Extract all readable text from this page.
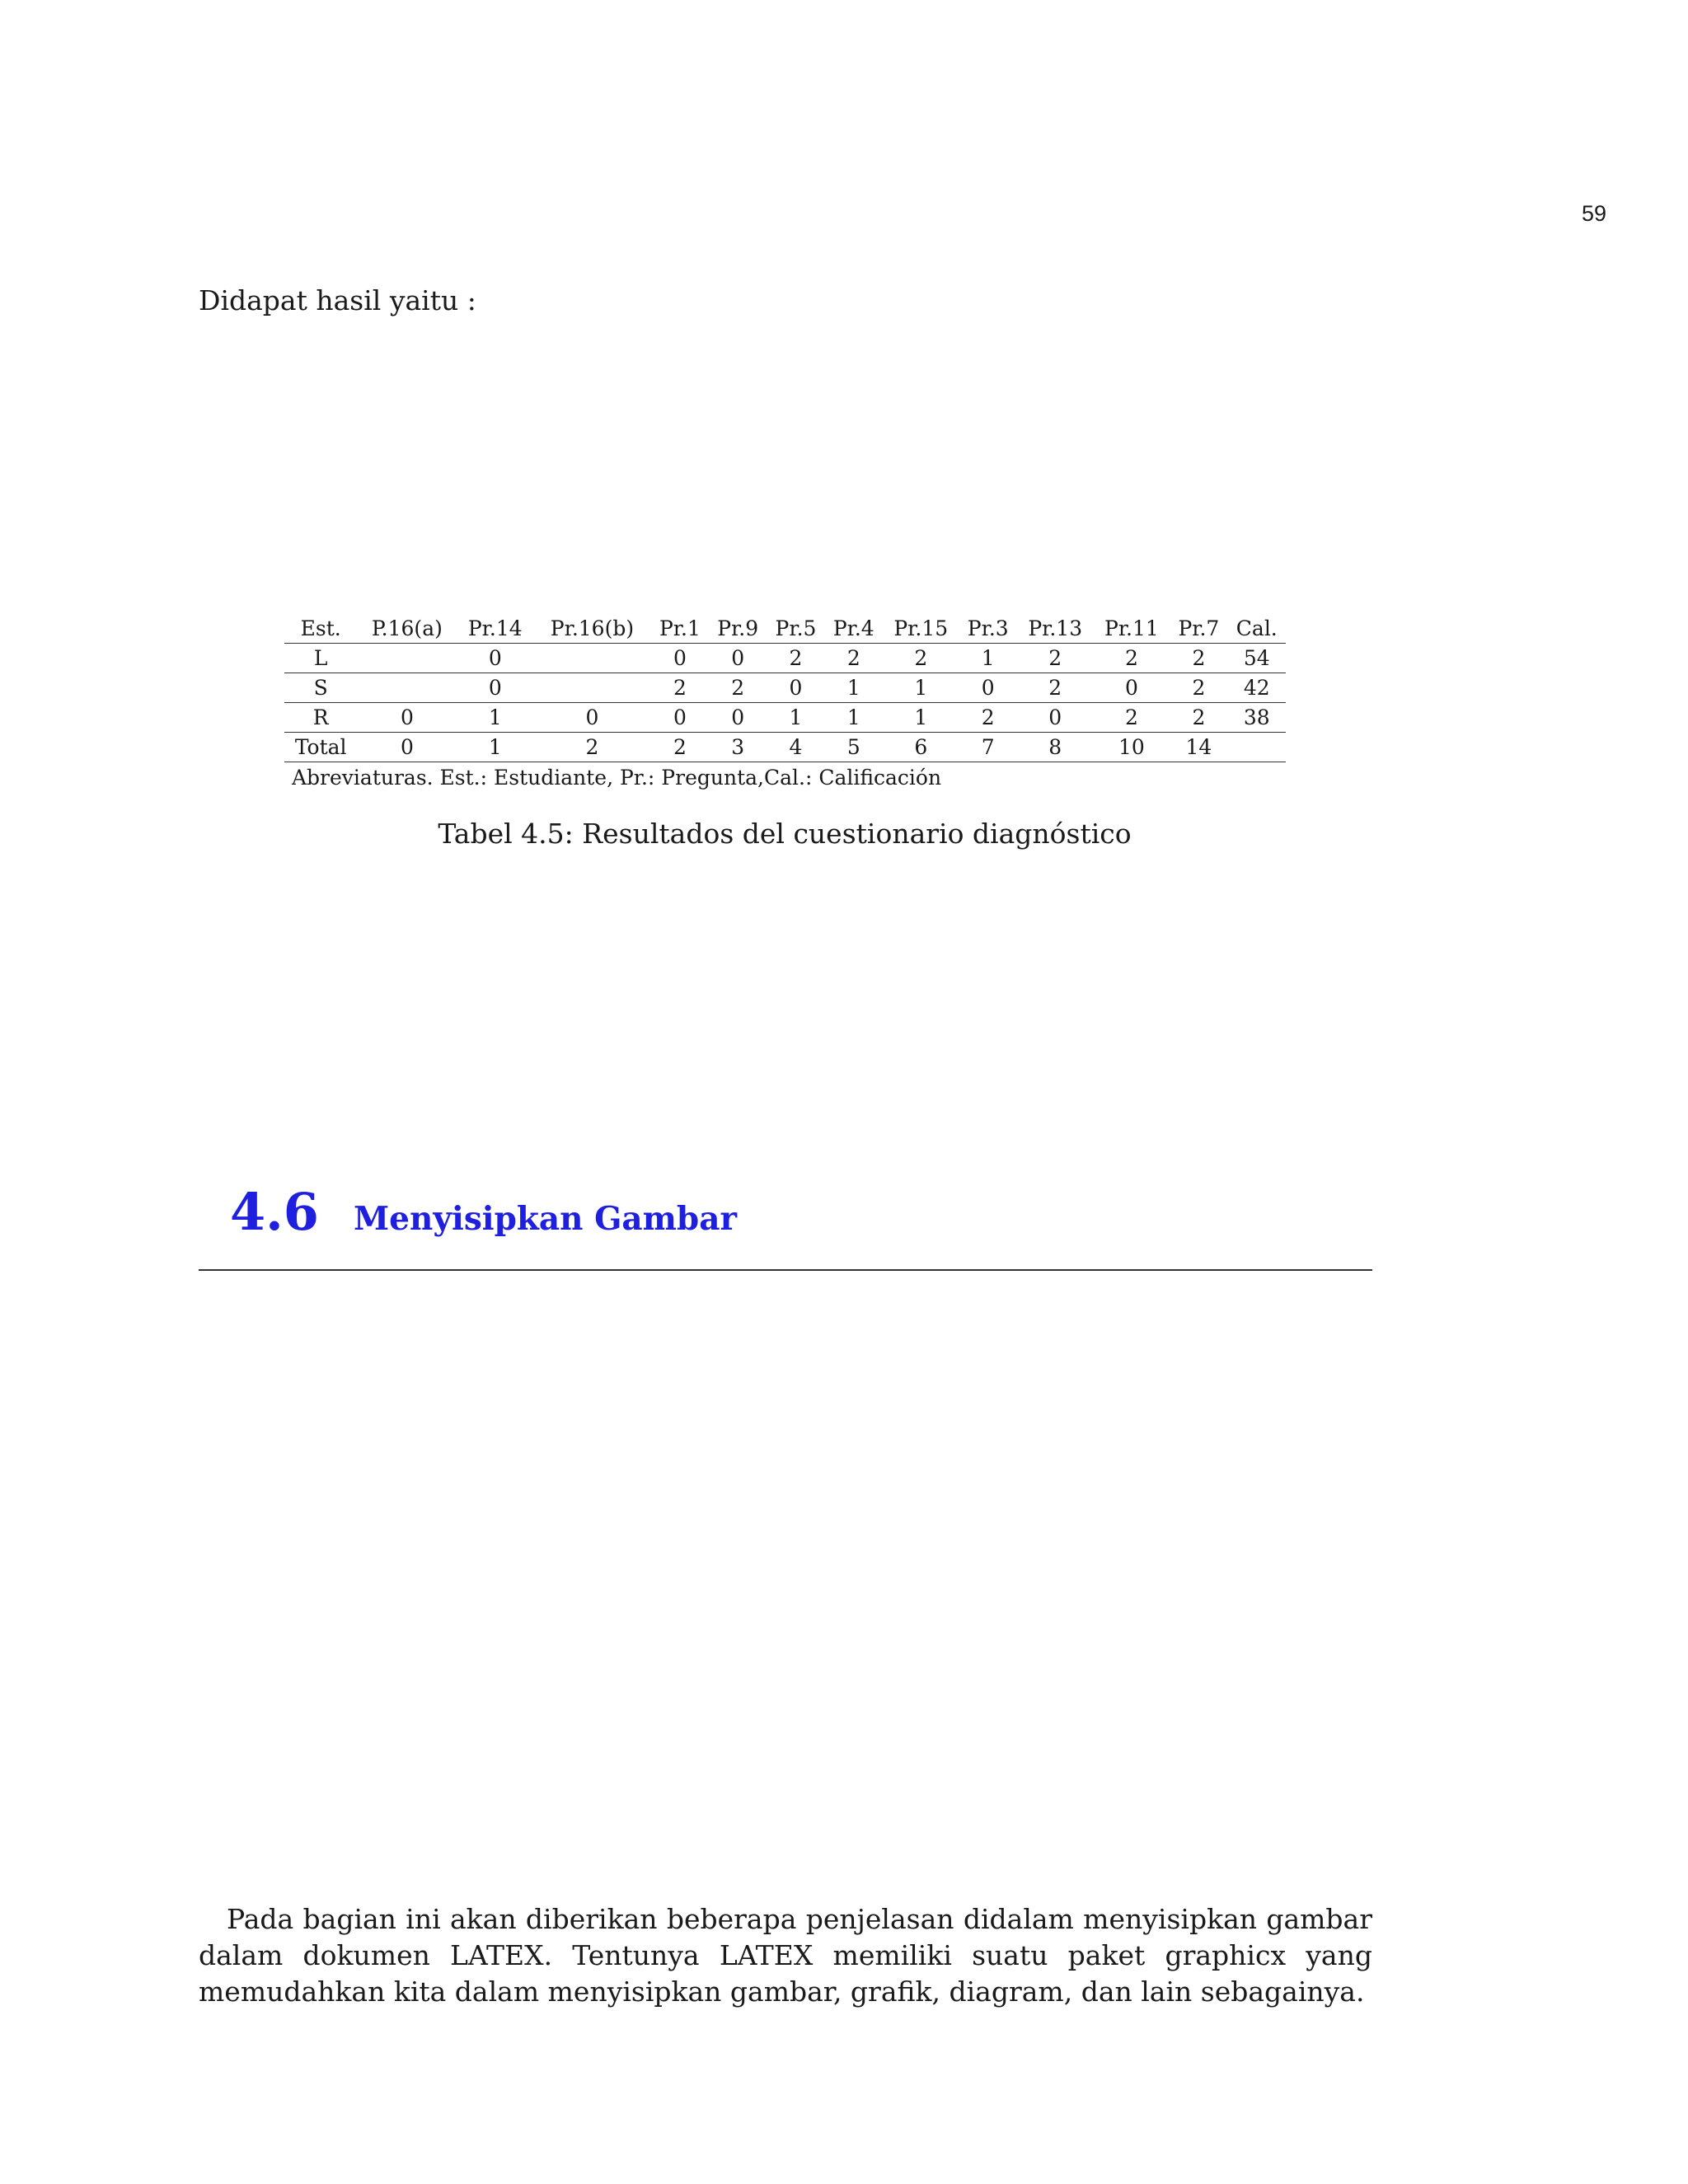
59
Didapat hasil yaitu :
Est.	P.16(a)	Pr.14	Pr.16(b)	Pr.1	Pr.9	Pr.5	Pr.4	Pr.15	Pr.3	Pr.13	Pr.11	Pr.7	Cal.
L		0		0	0	2	2	2	1	2	2	2	54
S		0		2	2	0	1	1	0	2	0	2	42
R	0	1	0	0	0	1	1	1	2	0	2	2	38
Total	0	1	2	2	3	4	5	6	7	8	10	14	
Abreviaturas. Est.: Estudiante, Pr.: Pregunta,Cal.: Calificación
Tabel 4.5: Resultados del cuestionario diagnóstico
4.6 Menyisipkan Gambar
Pada bagian ini akan diberikan beberapa penjelasan didalam menyisipkan gambar dalam dokumen LATEX. Tentunya LATEX memiliki suatu paket graphicx yang memudahkan kita dalam menyisipkan gambar, grafik, diagram, dan lain sebagainya.
